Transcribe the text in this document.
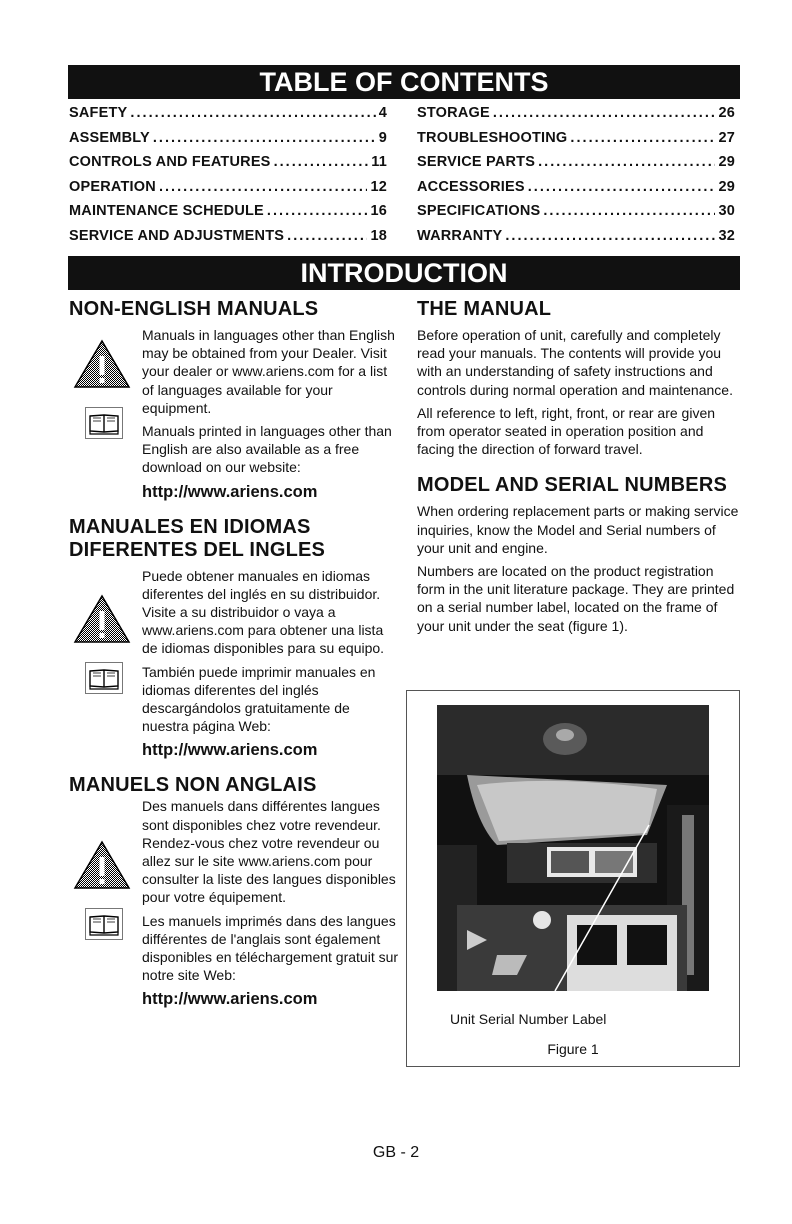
TABLE OF CONTENTS
SAFETY . . .	4
ASSEMBLY . . .	9
CONTROLS AND FEATURES . . .	11
OPERATION . . .	12
MAINTENANCE SCHEDULE . . .	16
SERVICE AND ADJUSTMENTS . . .	18
STORAGE . . .	26
TROUBLESHOOTING . . .	27
SERVICE PARTS . . .	29
ACCESSORIES . . .	29
SPECIFICATIONS . . .	30
WARRANTY . . .	32
INTRODUCTION
NON-ENGLISH MANUALS

Manuals in languages other than English may be obtained from your Dealer. Visit your dealer or www.ariens.com for a list of languages available for your equipment.

Manuals printed in languages other than English are also available as a free download on our website:

http://www.ariens.com

MANUALES EN IDIOMAS
DIFERENTES DEL INGLES

Puede obtener manuales en idiomas diferentes del inglés en su distribuidor. Visite a su distribuidor o vaya a www.ariens.com para obtener una lista de idiomas disponibles para su equipo.

También puede imprimir manuales en idiomas diferentes del inglés descargándolos gratuitamente de nuestra página Web:

http://www.ariens.com

MANUELS NON ANGLAIS

Des manuels dans différentes langues sont disponibles chez votre revendeur. Rendez-vous chez votre revendeur ou allez sur le site www.ariens.com pour consulter la liste des langues disponibles pour votre équipement.

Les manuels imprimés dans des langues différentes de l'anglais sont également disponibles en téléchargement gratuit sur notre site Web:

http://www.ariens.com

THE MANUAL

Before operation of unit, carefully and completely read your manuals. The contents will provide you with an understanding of safety instructions and controls during normal operation and maintenance.

All reference to left, right, front, or rear are given from operator seated in operation position and facing the direction of forward travel.

MODEL AND SERIAL NUMBERS

When ordering replacement parts or making service inquiries, know the Model and Serial numbers of your unit and engine.

Numbers are located on the product registration form in the unit literature package. They are printed on a serial number label, located on the frame of your unit under the seat (figure 1).

Unit Serial Number Label
Figure 1
GB - 2
